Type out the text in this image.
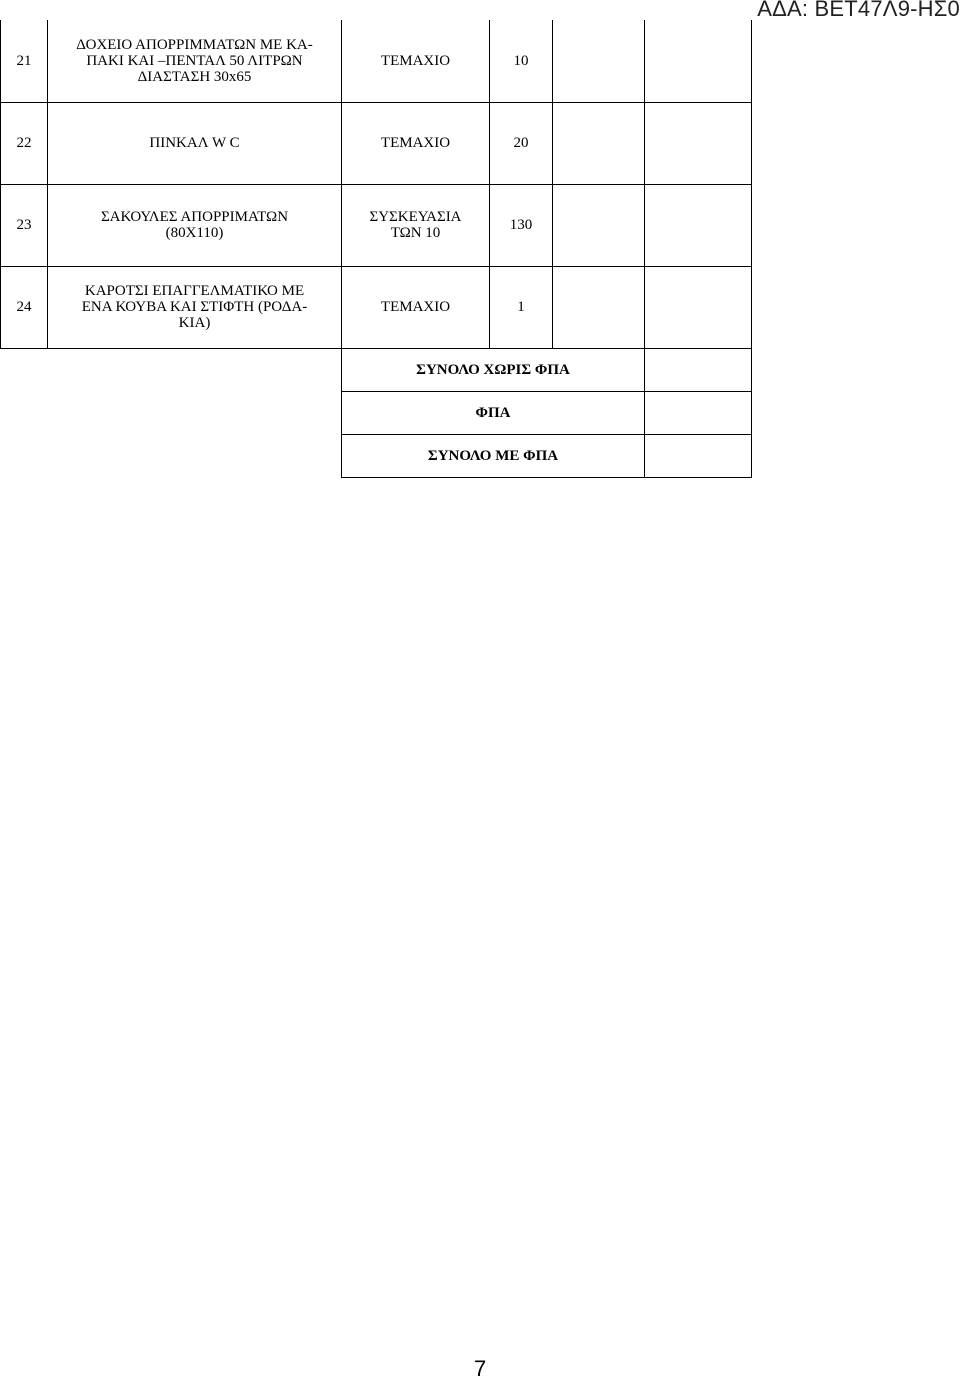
ΑΔΑ: ΒΕΤ47Λ9-ΗΣ0
21	ΔΟΧΕΙΟ ΑΠΟΡΡΙΜΜΑΤΩΝ ΜΕ ΚΑ-
ΠΑΚΙ ΚΑΙ –ΠΕΝΤΑΛ 50 ΛΙΤΡΩΝ
ΔΙΑΣΤΑΣΗ 30x65	ΤΕΜΑΧΙΟ	10			
22	ΠΙΝΚΑΛ W C	ΤΕΜΑΧΙΟ	20			
23	ΣΑΚΟΥΛΕΣ ΑΠΟΡΡΙΜΑΤΩΝ
(80Χ110)	ΣΥΣΚΕΥΑΣΙΑ
ΤΩΝ 10	130			
24	ΚΑΡΟΤΣΙ ΕΠΑΓΓΕΛΜΑΤΙΚΟ ΜΕ
ΕΝΑ ΚΟΥΒΑ ΚΑΙ ΣΤΙΦΤΗ (ΡΟΔΑ-
ΚΙΑ)	ΤΕΜΑΧΙΟ	1			
		ΣΥΝΟΛΟ ΧΩΡΙΣ ΦΠΑ				
		ΦΠΑ				
		ΣΥΝΟΛΟ ΜΕ ΦΠΑ				
7
